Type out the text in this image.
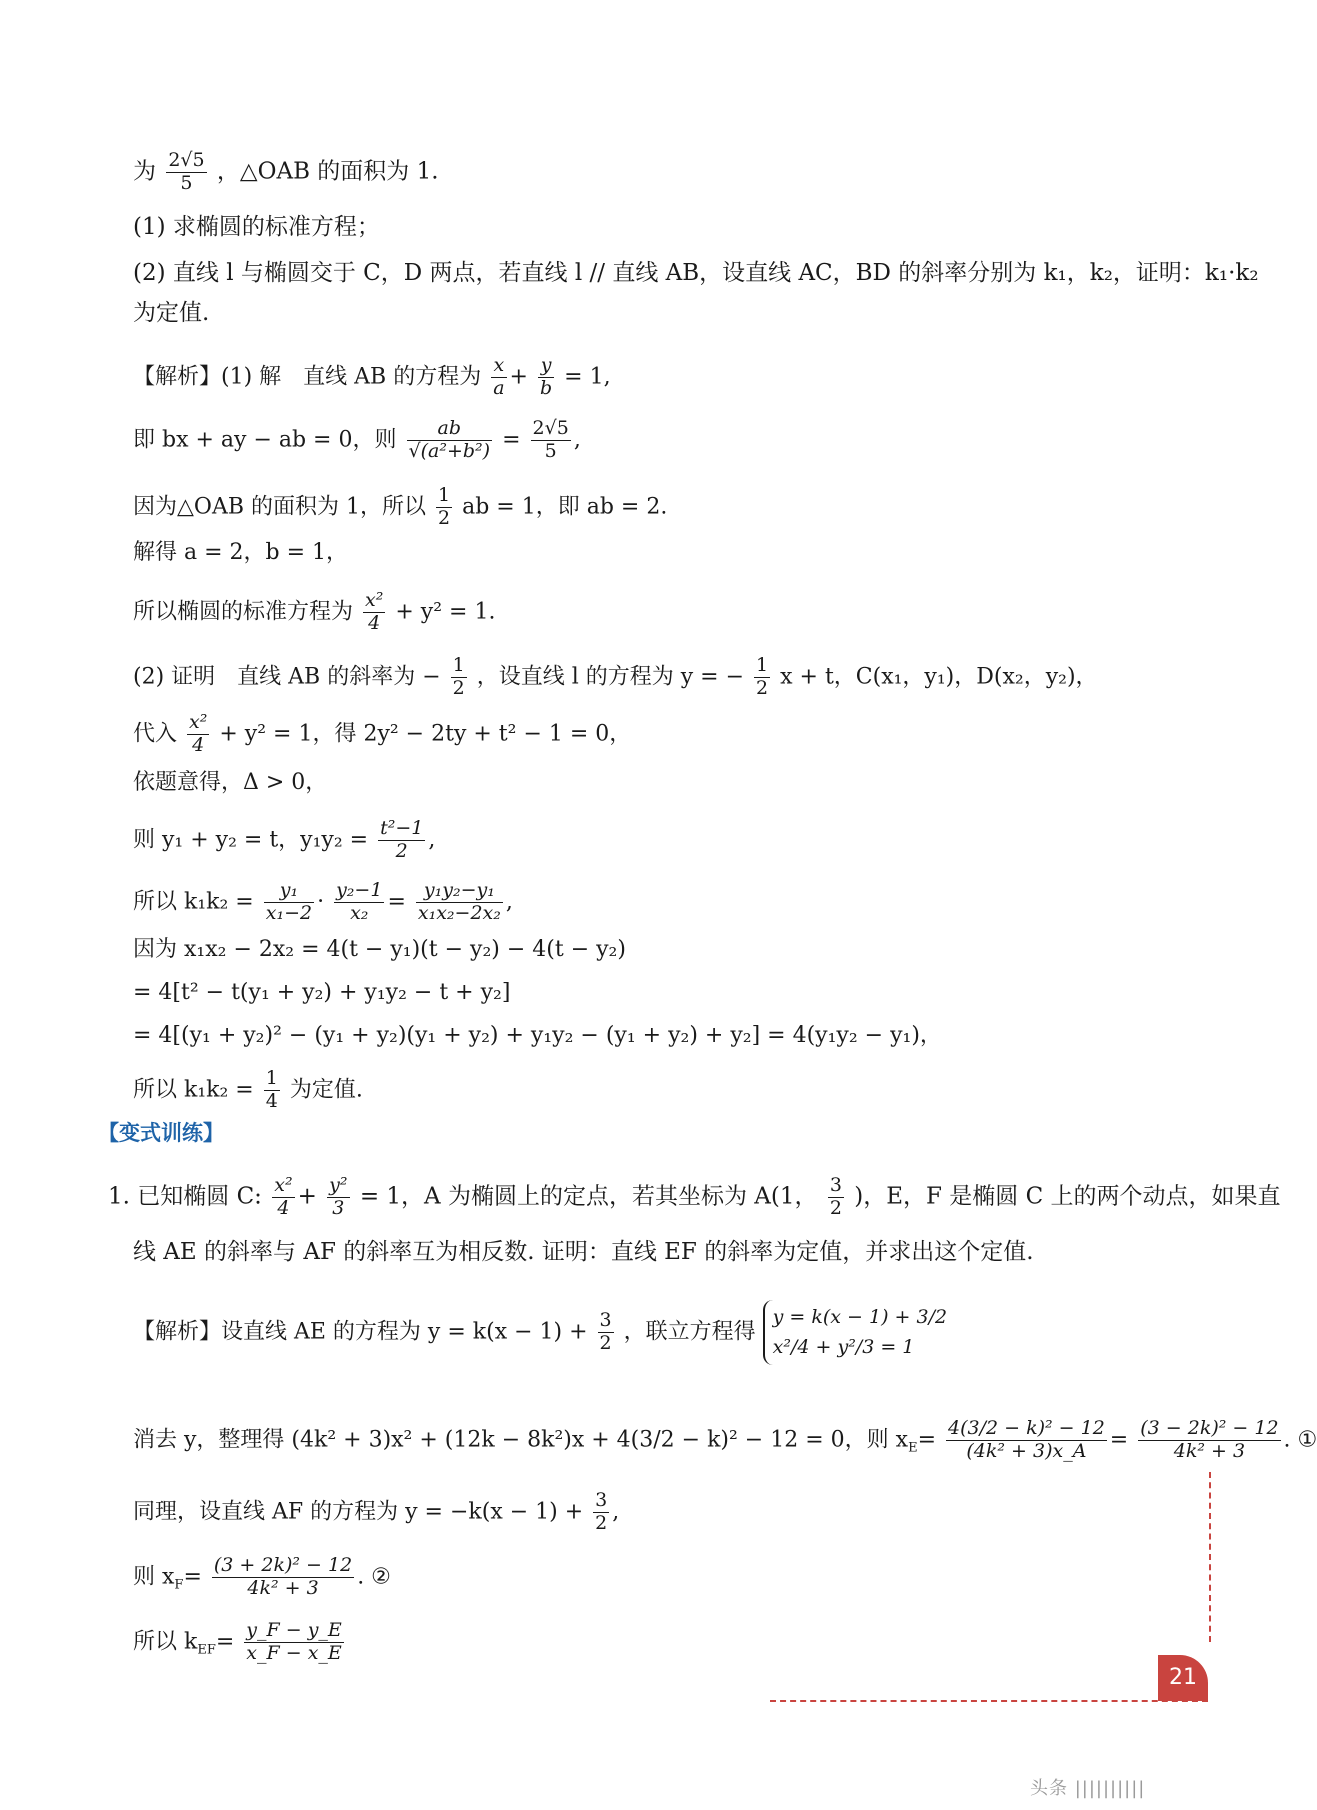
为 $\frac{2√5}{5}$ ，△OAB 的面积为 1.
(1) 求椭圆的标准方程；
(2) 直线 l 与椭圆交于 C，D 两点，若直线 l // 直线 AB，设直线 AC，BD 的斜率分别为 k₁，k₂，证明：k₁·k₂
为定值.
【解析】(1) 解　直线 AB 的方程为 $\frac{x}{a} + \frac{y}{b} = 1$,
即 bx + ay − ab = 0，则 $\frac{ab}{\text{√(a²+b²)}} = \frac{2√5}{5}$ ,
因为△OAB 的面积为 1，所以 $\frac{1}{2}$ ab = 1，即 ab = 2.
解得 a = 2，b = 1，
所以椭圆的标准方程为 $\frac{\text{x²}}{4} + y^2 = 1$.
(2) 证明　直线 AB 的斜率为 − $\frac{1}{2}$ ，设直线 l 的方程为 y = − $\frac{1}{2}$ x + t，C(x₁，y₁)，D(x₂，y₂)，
代入 $\frac{\text{x²}}{4} + y^2 = 1$，得 2y² − 2ty + t² − 1 = 0，
依题意得，Δ > 0，
则 y₁ + y₂ = t，$y_1y_2 = \frac{\text{t²−1}}{2}$ ,
所以 $k_1k_2 = \frac{\text{y₁}}{\text{x₁−2}} \cdot \frac{\text{y₂−1}}{\text{x₂}} = \frac{\text{y₁y₂−y₁}}{\text{x₁x₂−2x₂}}$ ,
因为 x₁x₂ − 2x₂ = 4(t − y₁)(t − y₂) − 4(t − y₂)
= 4[t² − t(y₁ + y₂) + y₁y₂ − t + y₂]
= 4[(y₁ + y₂)² − (y₁ + y₂)(y₁ + y₂) + y₁y₂ − (y₁ + y₂) + y₂] = 4(y₁y₂ − y₁)，
所以 $k_1k_2 = \frac{1}{4}$ 为定值.
【变式训练】
1. 已知椭圆 C: $\frac{\text{x²}}{4} + \frac{\text{y²}}{3} = 1$，A 为椭圆上的定点，若其坐标为 A(1， $\frac{3}{2}$ )，E，F 是椭圆 C 上的两个动点，如果直
线 AE 的斜率与 AF 的斜率互为相反数. 证明：直线 EF 的斜率为定值，并求出这个定值.
【解析】设直线 AE 的方程为 $y = k(x - 1) + \frac{3}{2}$ ，联立方程得
y = k(x − 1) + 3/2
x²/4 + y²/3 = 1
消去 y，整理得 (4k² + 3)x² + (12k − 8k²)x + 4(3/2 − k)² − 12 = 0，则 $x_E= \frac{\text{4(3/2 − k)² − 12}}{\text{(4k² + 3)x\_A}} = \frac{\text{(3 − 2k)² − 12}}{\text{4k² + 3}}$ . ①
同理，设直线 AF 的方程为 $y = -k(x - 1) + \frac{3}{2}$ ,
则 $x_F= \frac{\text{(3 + 2k)² − 12}}{\text{4k² + 3}}$ . ②
所以 $k_{EF}= \frac{y\_F - y\_E}{x\_F - x\_E}$
21
头条 ||||||||||
